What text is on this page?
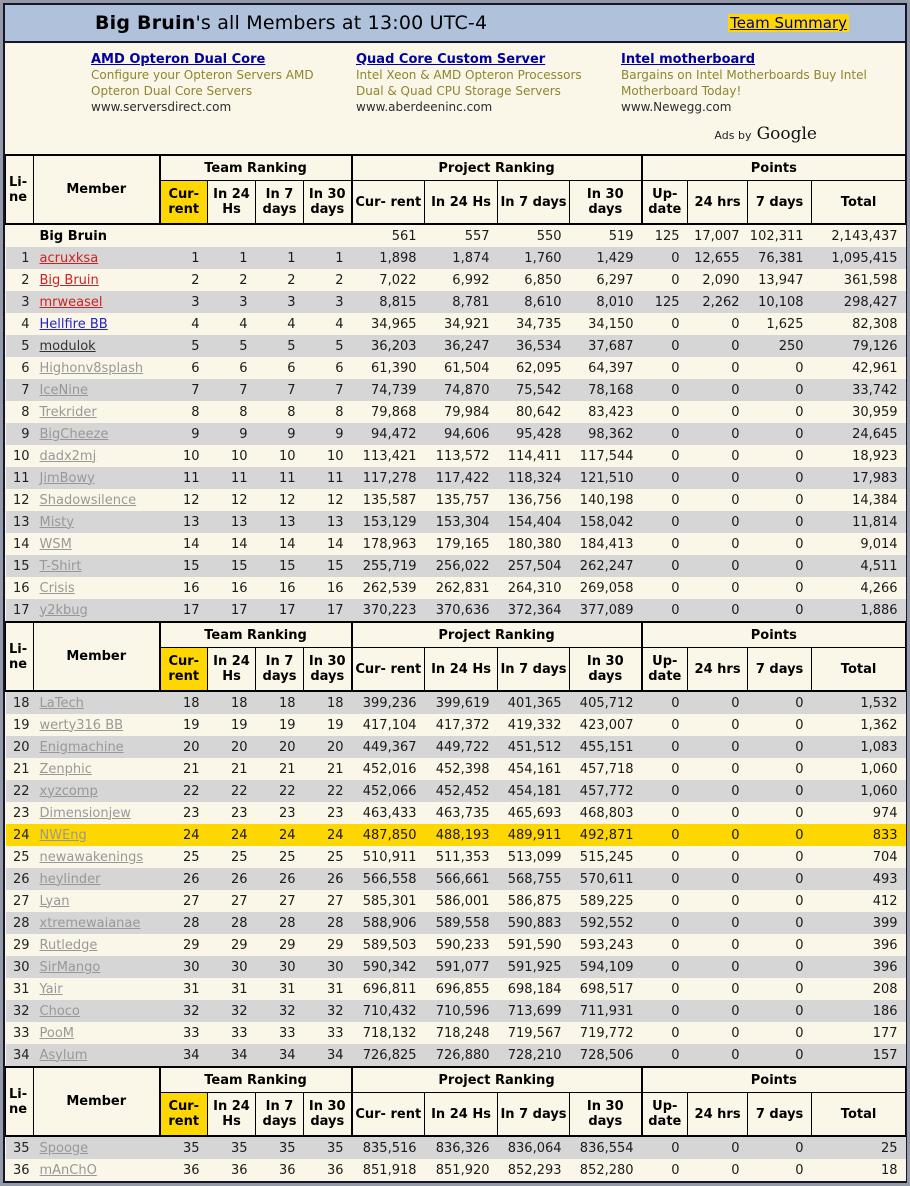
Big Bruin's all Members at 13:00 UTC-4	Team Summary
AMD Opteron Dual Core
Configure your Opteron Servers AMD Opteron Dual Core Servers
www.serversdirect.com
Quad Core Custom Server
Intel Xeon & AMD Opteron Processors Dual & Quad CPU Storage Servers
www.aberdeeninc.com
Intel motherboard
Bargains on Intel Motherboards Buy Intel Motherboard Today!
www.Newegg.com
Ads by Google
Li- ne	Member	Team Ranking				Project Ranking				Points			
		Cur- rent	In 24 Hs	In 7 days	In 30 days	Cur- rent	In 24 Hs	In 7 days	In 30 days	Up- date	24 hrs	7 days	Total
	Big Bruin					561	557	550	519	125	17,007	102,311	2,143,437
1	acruxksa	1	1	1	1	1,898	1,874	1,760	1,429	0	12,655	76,381	1,095,415
2	Big Bruin	2	2	2	2	7,022	6,992	6,850	6,297	0	2,090	13,947	361,598
3	mrweasel	3	3	3	3	8,815	8,781	8,610	8,010	125	2,262	10,108	298,427
4	Hellfire BB	4	4	4	4	34,965	34,921	34,735	34,150	0	0	1,625	82,308
5	modulok	5	5	5	5	36,203	36,247	36,534	37,687	0	0	250	79,126
6	Highonv8splash	6	6	6	6	61,390	61,504	62,095	64,397	0	0	0	42,961
7	IceNine	7	7	7	7	74,739	74,870	75,542	78,168	0	0	0	33,742
8	Trekrider	8	8	8	8	79,868	79,984	80,642	83,423	0	0	0	30,959
9	BigCheeze	9	9	9	9	94,472	94,606	95,428	98,362	0	0	0	24,645
10	dadx2mj	10	10	10	10	113,421	113,572	114,411	117,544	0	0	0	18,923
11	JimBowy	11	11	11	11	117,278	117,422	118,324	121,510	0	0	0	17,983
12	Shadowsilence	12	12	12	12	135,587	135,757	136,756	140,198	0	0	0	14,384
13	Misty	13	13	13	13	153,129	153,304	154,404	158,042	0	0	0	11,814
14	WSM	14	14	14	14	178,963	179,165	180,380	184,413	0	0	0	9,014
15	T-Shirt	15	15	15	15	255,719	256,022	257,504	262,247	0	0	0	4,511
16	Crisis	16	16	16	16	262,539	262,831	264,310	269,058	0	0	0	4,266
17	y2kbug	17	17	17	17	370,223	370,636	372,364	377,089	0	0	0	1,886
Li- ne	Member	Team Ranking				Project Ranking				Points			
		Cur- rent	In 24 Hs	In 7 days	In 30 days	Cur- rent	In 24 Hs	In 7 days	In 30 days	Up- date	24 hrs	7 days	Total
18	LaTech	18	18	18	18	399,236	399,619	401,365	405,712	0	0	0	1,532
19	werty316 BB	19	19	19	19	417,104	417,372	419,332	423,007	0	0	0	1,362
20	Enigmachine	20	20	20	20	449,367	449,722	451,512	455,151	0	0	0	1,083
21	Zenphic	21	21	21	21	452,016	452,398	454,161	457,718	0	0	0	1,060
22	xyzcomp	22	22	22	22	452,066	452,452	454,181	457,772	0	0	0	1,060
23	Dimensionjew	23	23	23	23	463,433	463,735	465,693	468,803	0	0	0	974
24	NWEng	24	24	24	24	487,850	488,193	489,911	492,871	0	0	0	833
25	newawakenings	25	25	25	25	510,911	511,353	513,099	515,245	0	0	0	704
26	heylinder	26	26	26	26	566,558	566,661	568,755	570,611	0	0	0	493
27	Lyan	27	27	27	27	585,301	586,001	586,875	589,225	0	0	0	412
28	xtremewaianae	28	28	28	28	588,906	589,558	590,883	592,552	0	0	0	399
29	Rutledge	29	29	29	29	589,503	590,233	591,590	593,243	0	0	0	396
30	SirMango	30	30	30	30	590,342	591,077	591,925	594,109	0	0	0	396
31	Yair	31	31	31	31	696,811	696,855	698,184	698,517	0	0	0	208
32	Choco	32	32	32	32	710,432	710,596	713,699	711,931	0	0	0	186
33	PooM	33	33	33	33	718,132	718,248	719,567	719,772	0	0	0	177
34	Asylum	34	34	34	34	726,825	726,880	728,210	728,506	0	0	0	157
Li- ne	Member	Team Ranking				Project Ranking				Points			
		Cur- rent	In 24 Hs	In 7 days	In 30 days	Cur- rent	In 24 Hs	In 7 days	In 30 days	Up- date	24 hrs	7 days	Total
35	Spooge	35	35	35	35	835,516	836,326	836,064	836,554	0	0	0	25
36	mAnChO	36	36	36	36	851,918	851,920	852,293	852,280	0	0	0	18
